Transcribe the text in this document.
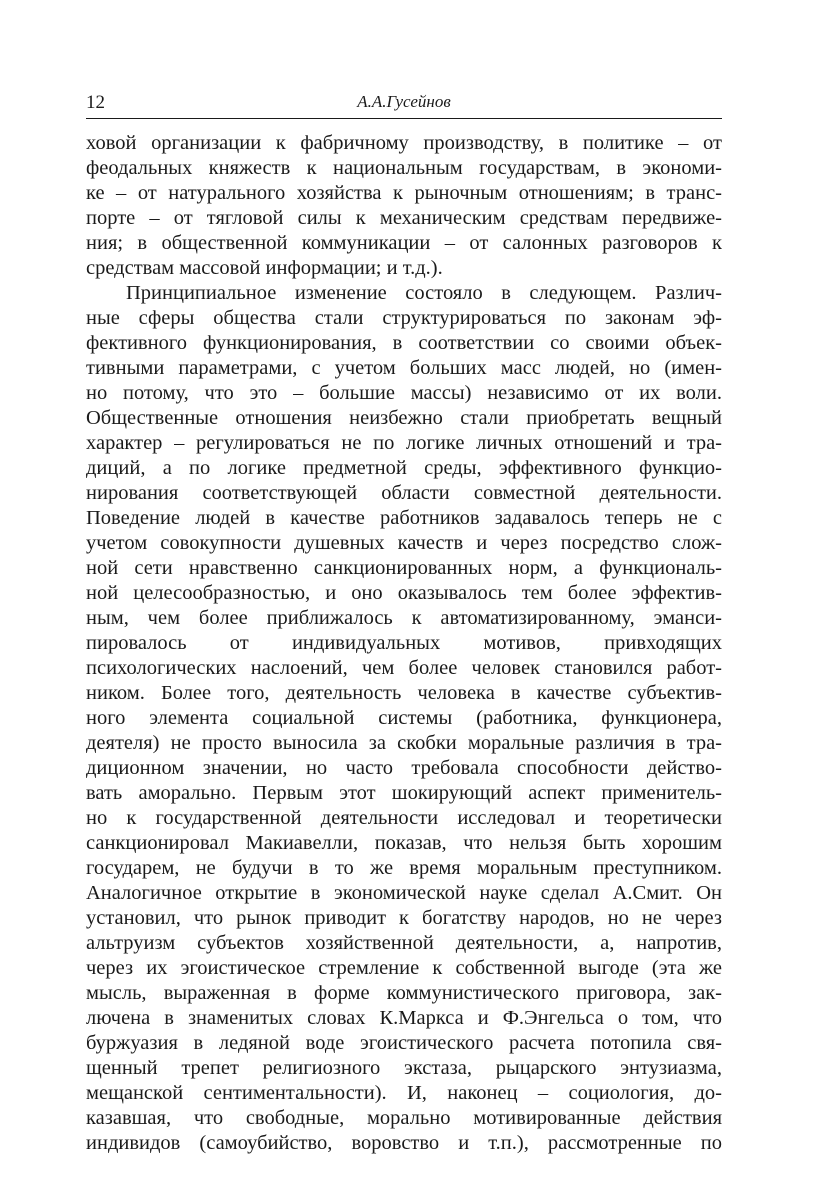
12	А.А.Гусейнов
ховой организации к фабричному производству, в политике – от
феодальных княжеств к национальным государствам, в экономи-
ке – от натурального хозяйства к рыночным отношениям; в транс-
порте – от тягловой силы к механическим средствам передвиже-
ния; в общественной коммуникации – от салонных разговоров к
средствам массовой информации; и т.д.).
Принципиальное изменение состояло в следующем. Различ-
ные сферы общества стали структурироваться по законам эф-
фективного функционирования, в соответствии со своими объек-
тивными параметрами, с учетом больших масс людей, но (имен-
но потому, что это – большие массы) независимо от их воли.
Общественные отношения неизбежно стали приобретать вещный
характер – регулироваться не по логике личных отношений и тра-
диций, а по логике предметной среды, эффективного функцио-
нирования соответствующей области совместной деятельности.
Поведение людей в качестве работников задавалось теперь не с
учетом совокупности душевных качеств и через посредство слож-
ной сети нравственно санкционированных норм, а функциональ-
ной целесообразностью, и оно оказывалось тем более эффектив-
ным, чем более приближалось к автоматизированному, эманси-
пировалось от индивидуальных мотивов, привходящих
психологических наслоений, чем более человек становился работ-
ником. Более того, деятельность человека в качестве субъектив-
ного элемента социальной системы (работника, функционера,
деятеля) не просто выносила за скобки моральные различия в тра-
диционном значении, но часто требовала способности действо-
вать аморально. Первым этот шокирующий аспект применитель-
но к государственной деятельности исследовал и теоретически
санкционировал Макиавелли, показав, что нельзя быть хорошим
государем, не будучи в то же время моральным преступником.
Аналогичное открытие в экономической науке сделал А.Смит. Он
установил, что рынок приводит к богатству народов, но не через
альтруизм субъектов хозяйственной деятельности, а, напротив,
через их эгоистическое стремление к собственной выгоде (эта же
мысль, выраженная в форме коммунистического приговора, зак-
лючена в знаменитых словах К.Маркса и Ф.Энгельса о том, что
буржуазия в ледяной воде эгоистического расчета потопила свя-
щенный трепет религиозного экстаза, рыцарского энтузиазма,
мещанской сентиментальности). И, наконец – социология, до-
казавшая, что свободные, морально мотивированные действия
индивидов (самоубийство, воровство и т.п.), рассмотренные по
